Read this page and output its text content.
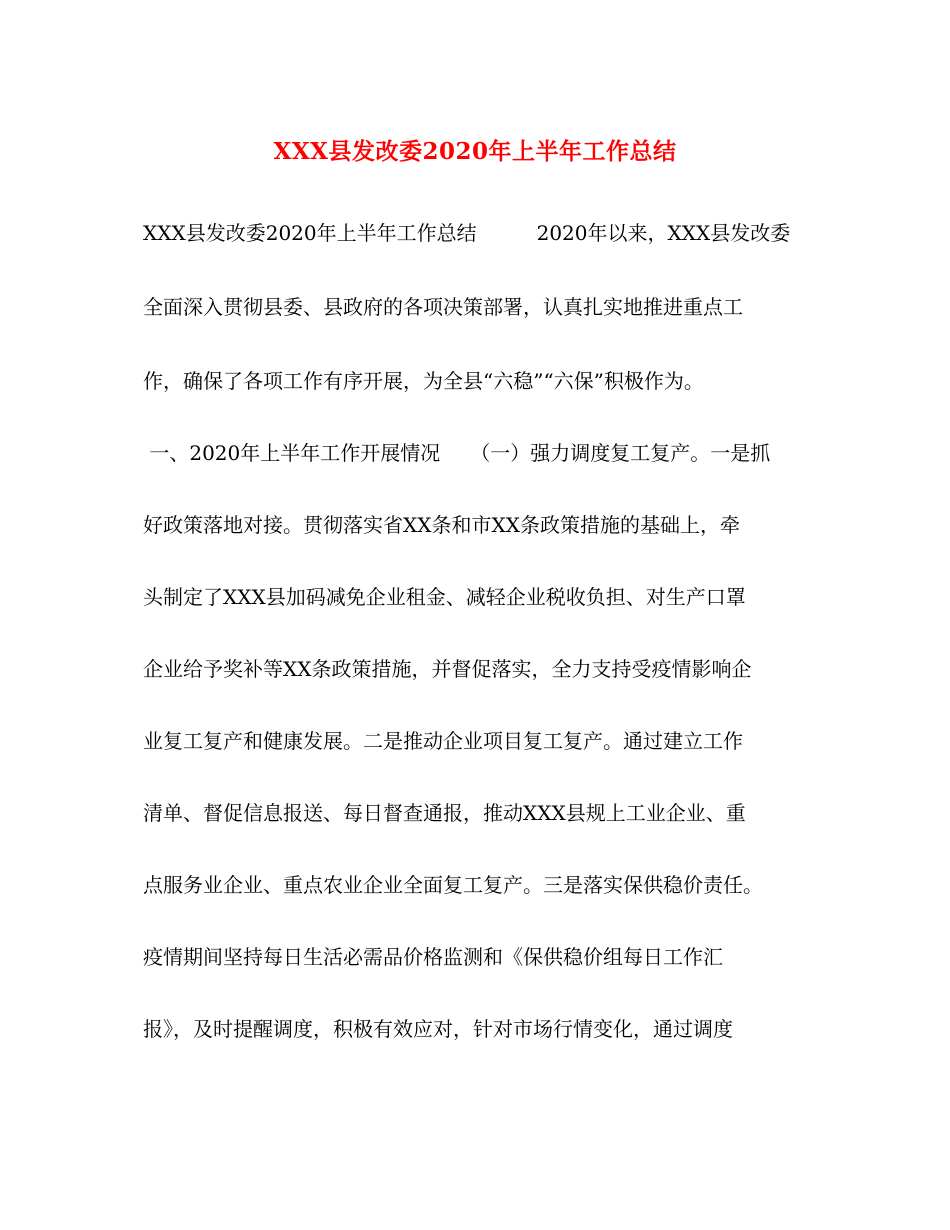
XXX县发改委2020年上半年工作总结

XXX县发改委2020年上半年工作总结　　　2020年以来，XXX县发改委

全面深入贯彻县委、县政府的各项决策部署，认真扎实地推进重点工

作，确保了各项工作有序开展，为全县“六稳”“六保”积极作为。

一、2020年上半年工作开展情况　　（一）强力调度复工复产。一是抓

好政策落地对接。贯彻落实省XX条和市XX条政策措施的基础上，牵

头制定了XXX县加码减免企业租金、减轻企业税收负担、对生产口罩

企业给予奖补等XX条政策措施，并督促落实，全力支持受疫情影响企

业复工复产和健康发展。二是推动企业项目复工复产。通过建立工作

清单、督促信息报送、每日督查通报，推动XXX县规上工业企业、重

点服务业企业、重点农业企业全面复工复产。三是落实保供稳价责任。

疫情期间坚持每日生活必需品价格监测和《保供稳价组每日工作汇

报》，及时提醒调度，积极有效应对，针对市场行情变化，通过调度
